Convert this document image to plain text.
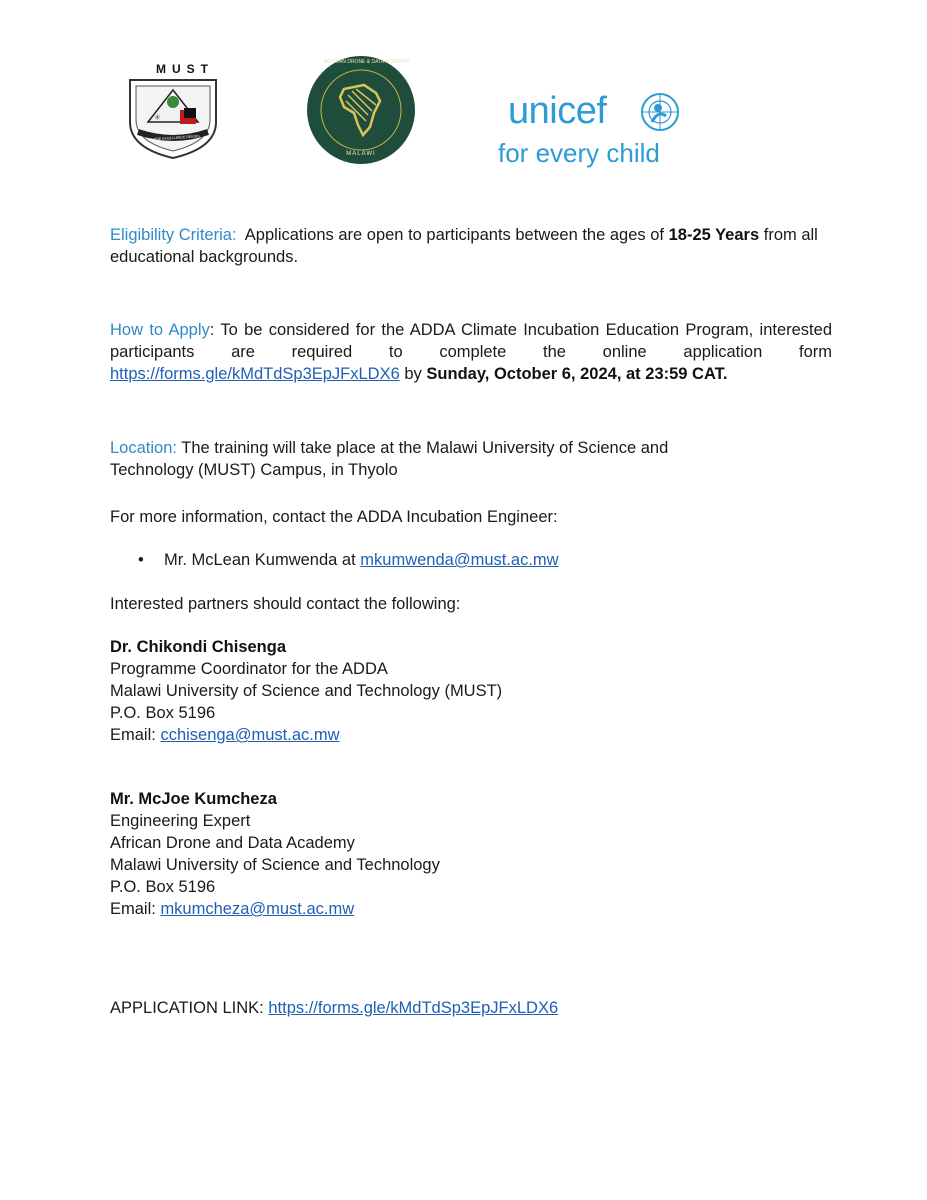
✳
MUST
WHERE EXCELLENCE REIGNS
AFRICAN DRONE & DATA ACADEMY
MALAWI
unicef
for every child
Eligibility Criteria: Applications are open to participants between the ages of 18-25 Years from all educational backgrounds.
How to Apply: To be considered for the ADDA Climate Incubation Education Program, interested participants are required to complete the online application form https://forms.gle/kMdTdSp3EpJFxLDX6 by Sunday, October 6, 2024, at 23:59 CAT.
Location: The training will take place at the Malawi University of Science and Technology (MUST) Campus, in Thyolo
For more information, contact the ADDA Incubation Engineer:
• Mr. McLean Kumwenda at mkumwenda@must.ac.mw
Interested partners should contact the following:
Dr. Chikondi Chisenga
Programme Coordinator for the ADDA
Malawi University of Science and Technology (MUST)
P.O. Box 5196
Email: cchisenga@must.ac.mw
Mr. McJoe Kumcheza
Engineering Expert
African Drone and Data Academy
Malawi University of Science and Technology
P.O. Box 5196
Email: mkumcheza@must.ac.mw
APPLICATION LINK: https://forms.gle/kMdTdSp3EpJFxLDX6
